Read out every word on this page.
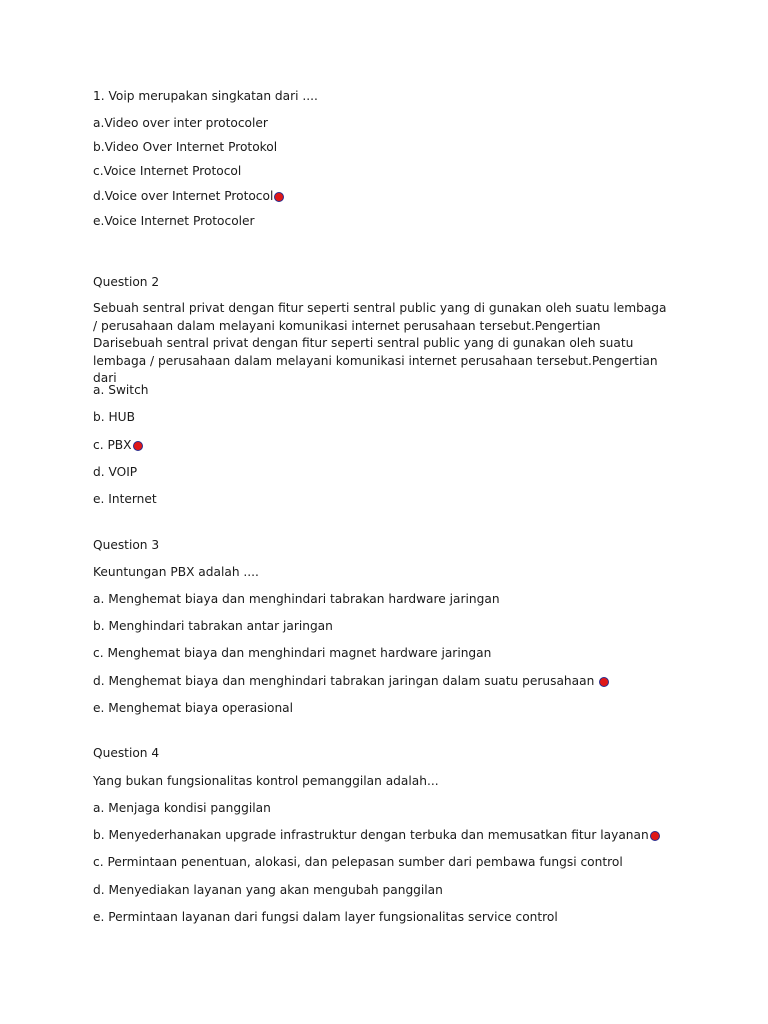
1. Voip merupakan singkatan dari ....
a.Video over inter protocoler
b.Video Over Internet Protokol
c.Voice Internet Protocol
d.Voice over Internet Protocol
e.Voice Internet Protocoler
Question 2
Sebuah sentral privat dengan fitur seperti sentral public yang di gunakan oleh suatu lembaga / perusahaan dalam melayani komunikasi internet perusahaan tersebut.Pengertian Darisebuah sentral privat dengan fitur seperti sentral public yang di gunakan oleh suatu lembaga / perusahaan dalam melayani komunikasi internet perusahaan tersebut.Pengertian dari
a. Switch
b. HUB
c. PBX
d. VOIP
e. Internet
Question 3
Keuntungan PBX adalah ....
a. Menghemat biaya dan menghindari tabrakan hardware jaringan
b. Menghindari tabrakan antar jaringan
c. Menghemat biaya dan menghindari magnet hardware jaringan
d. Menghemat biaya dan menghindari tabrakan jaringan dalam suatu perusahaan
e. Menghemat biaya operasional
Question 4
Yang bukan fungsionalitas kontrol pemanggilan adalah...
a. Menjaga kondisi panggilan
b. Menyederhanakan upgrade infrastruktur dengan terbuka dan memusatkan fitur layanan
c. Permintaan penentuan, alokasi, dan pelepasan sumber dari pembawa fungsi control
d. Menyediakan layanan yang akan mengubah panggilan
e. Permintaan layanan dari fungsi dalam layer fungsionalitas service control
